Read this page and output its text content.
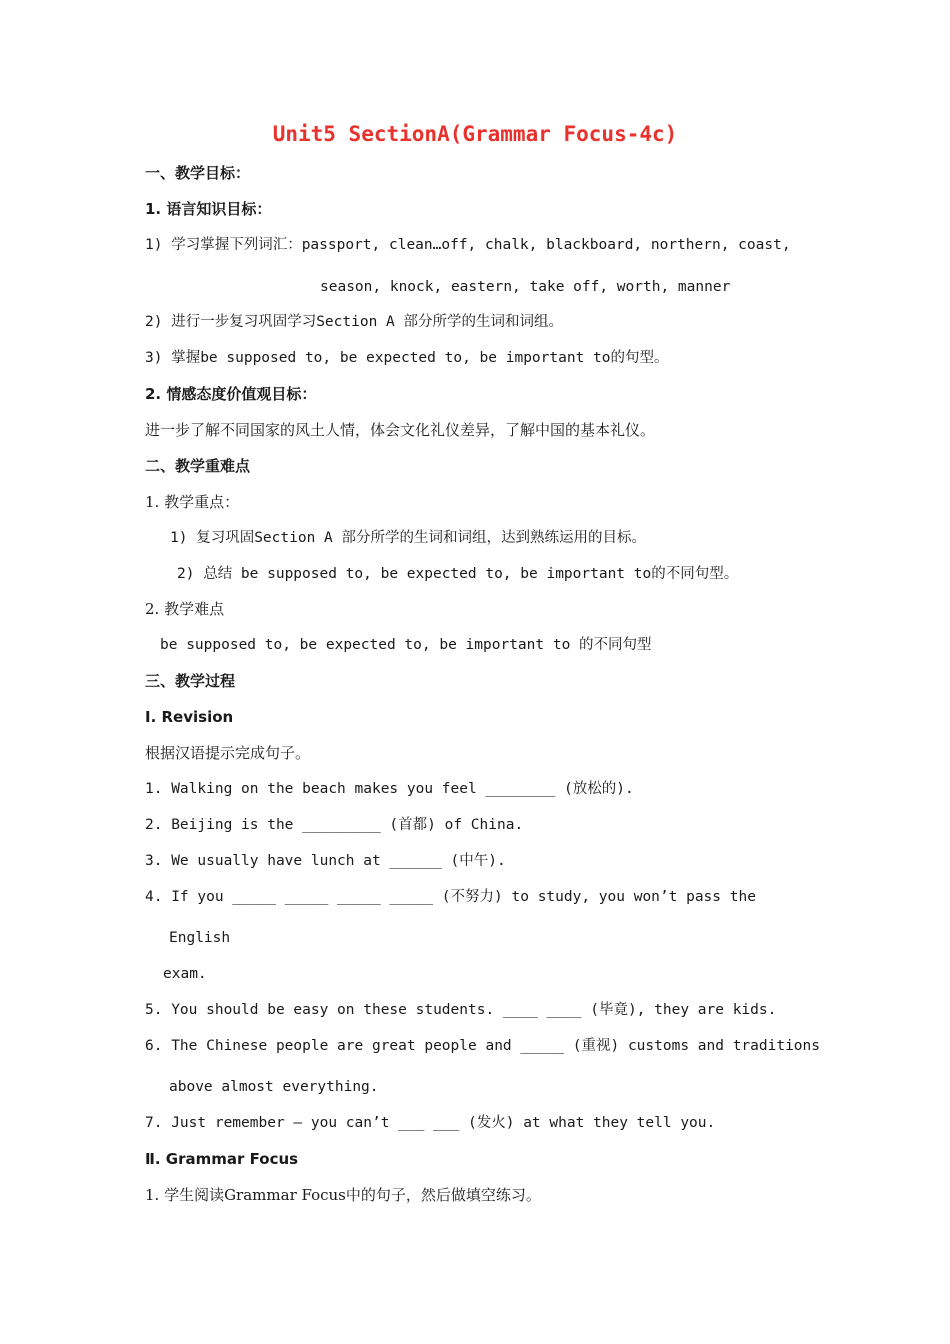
Unit5 SectionA(Grammar Focus-4c)
一、教学目标：
1. 语言知识目标：
1) 学习掌握下列词汇：passport, clean…off, chalk, blackboard, northern, coast,
season, knock, eastern, take off, worth, manner
2) 进行一步复习巩固学习Section A 部分所学的生词和词组。
3) 掌握be supposed to, be expected to, be important to的句型。
2. 情感态度价值观目标：
进一步了解不同国家的风土人情，体会文化礼仪差异，了解中国的基本礼仪。
二、教学重难点
1. 教学重点：
1) 复习巩固Section A 部分所学的生词和词组，达到熟练运用的目标。
2) 总结 be supposed to, be expected to, be important to的不同句型。
2. 教学难点
be supposed to, be expected to, be important to 的不同句型
三、教学过程
Ⅰ. Revision
根据汉语提示完成句子。
1. Walking on the beach makes you feel ________ (放松的).
2. Beijing is the _________ (首都) of China.
3. We usually have lunch at ______ (中午).
4. If you _____ _____ _____ _____ (不努力) to study, you won’t pass the
English
exam.
5. You should be easy on these students. ____ ____ (毕竟), they are kids.
6. The Chinese people are great people and _____ (重视) customs and traditions
above almost everything.
7. Just remember – you can’t ___ ___ (发火) at what they tell you.
Ⅱ. Grammar Focus
1. 学生阅读Grammar Focus中的句子，然后做填空练习。
